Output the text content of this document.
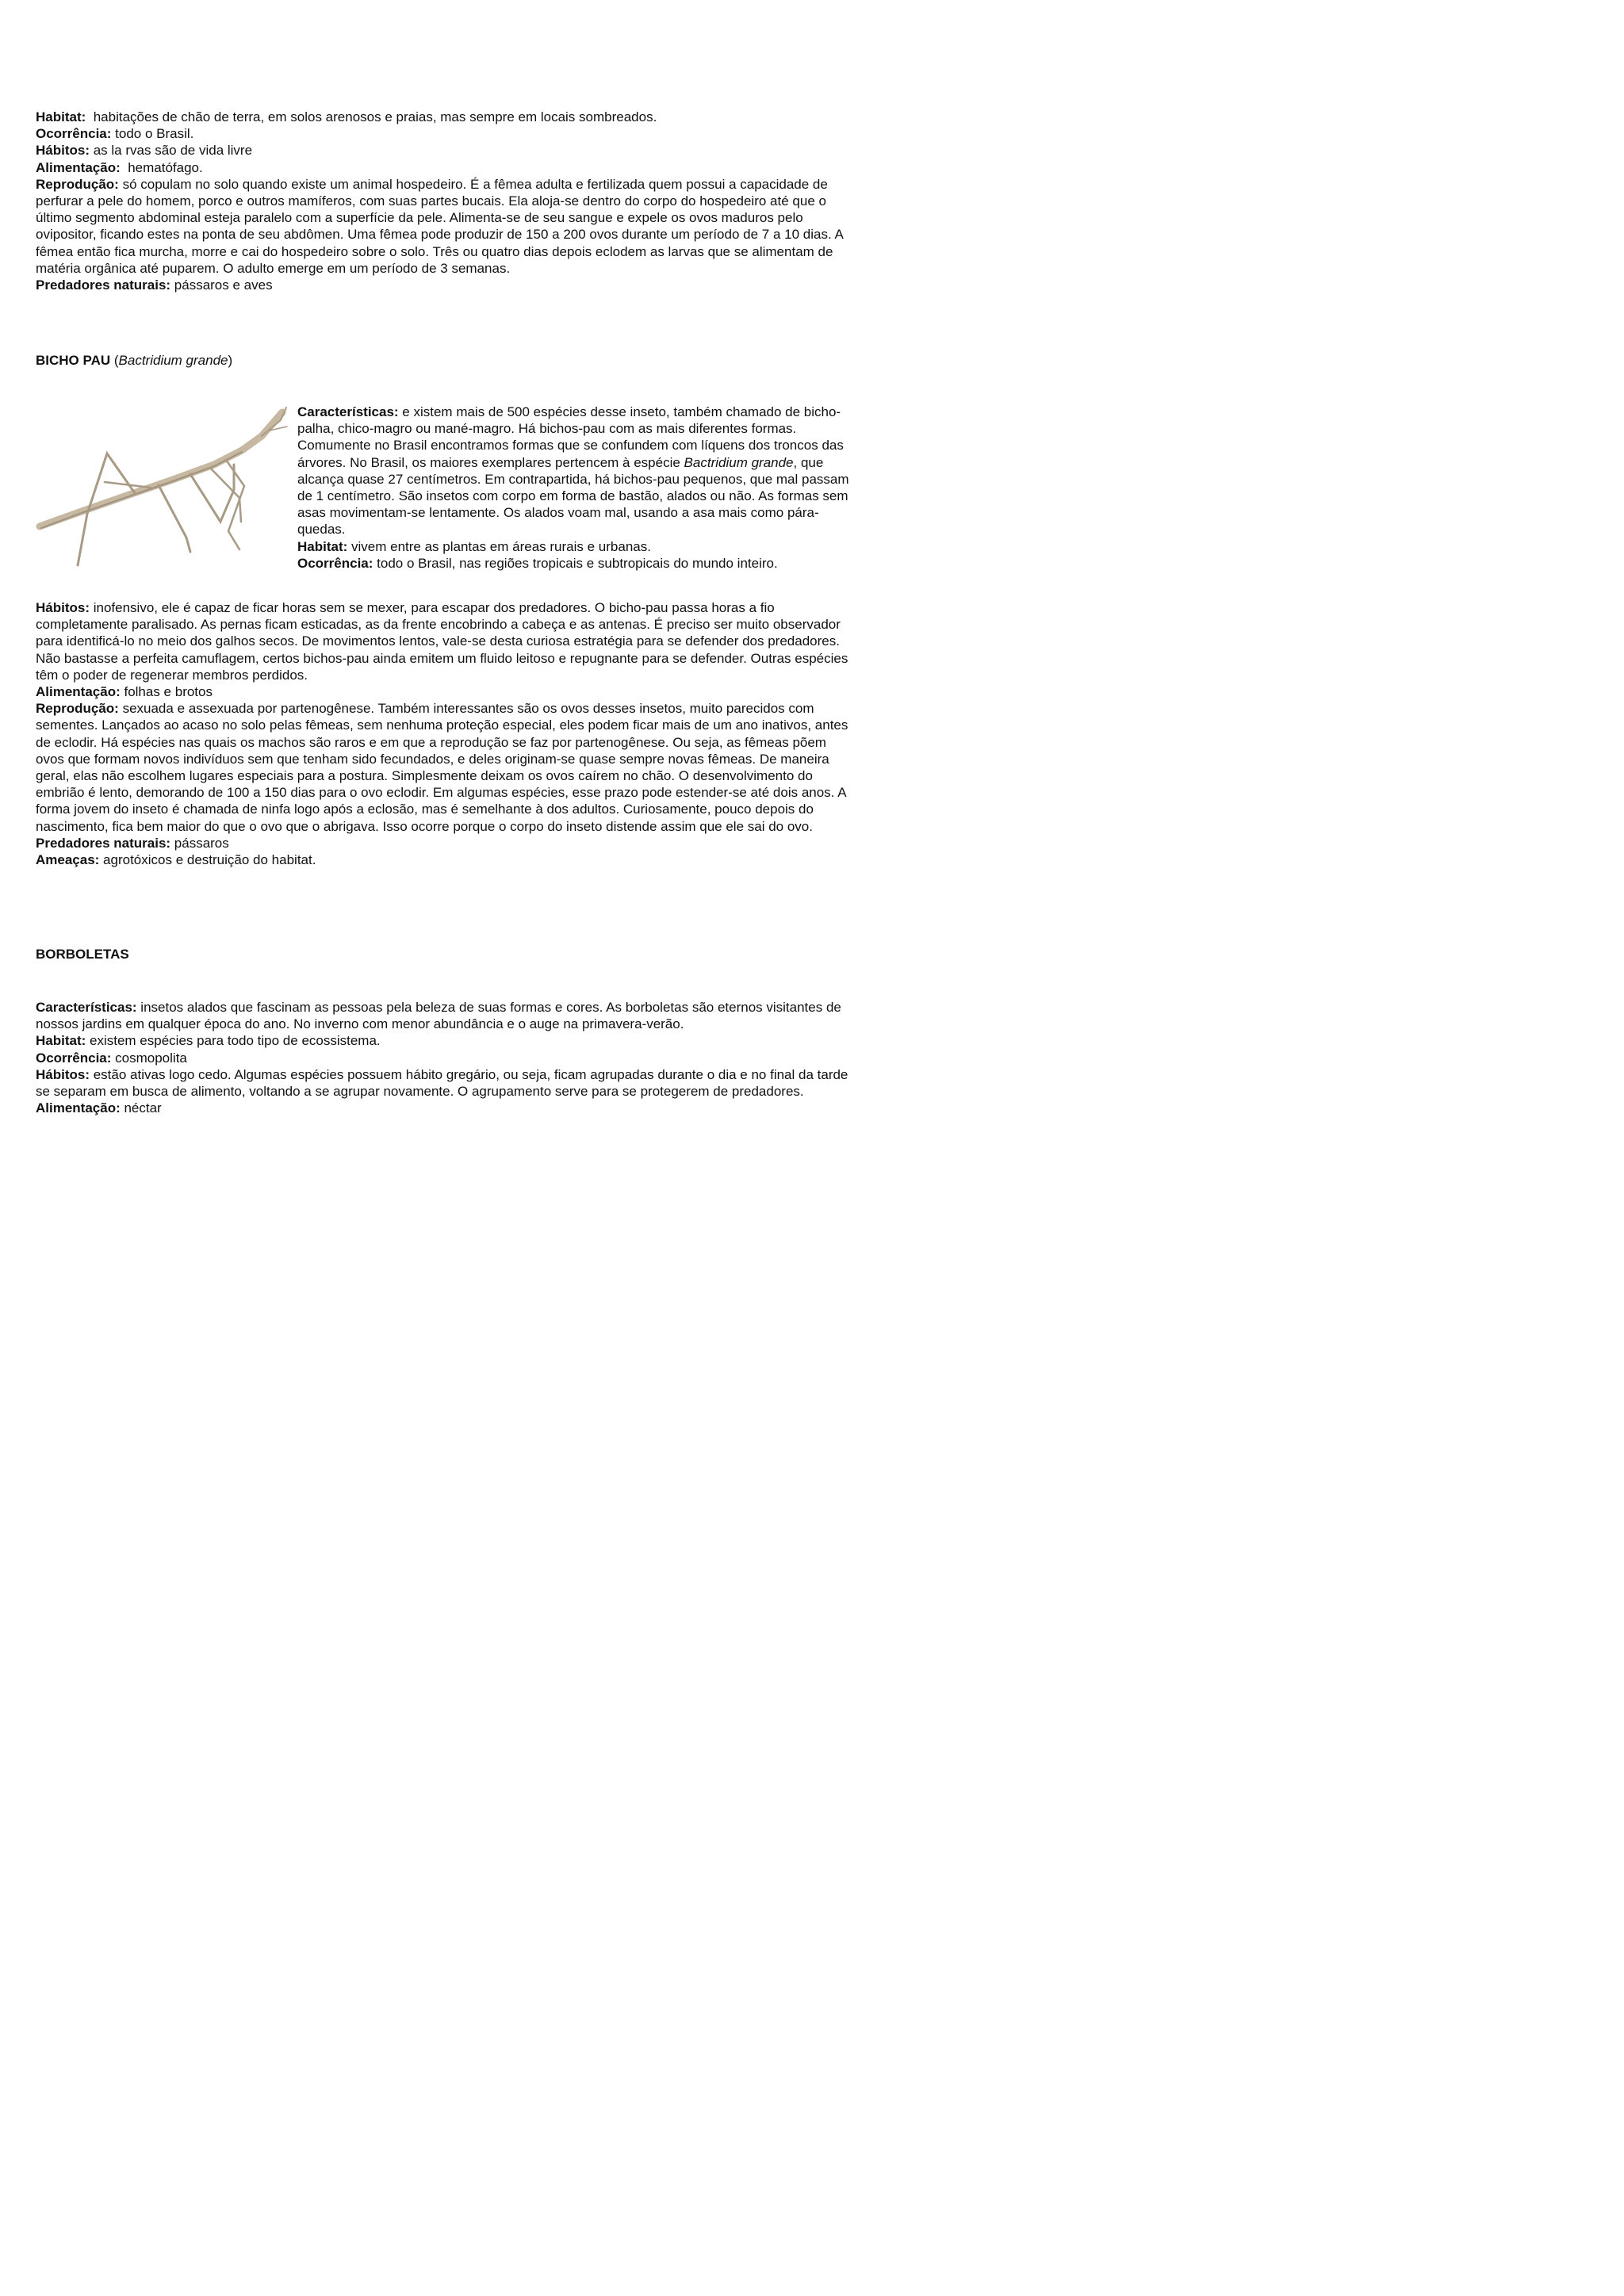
Habitat:  habitações de chão de terra, em solos arenosos e praias, mas sempre em locais sombreados.

Ocorrência: todo o Brasil.

Hábitos: as la rvas são de vida livre

Alimentação:  hematófago.

Reprodução: só copulam no solo quando existe um animal hospedeiro. É a fêmea adulta e fertilizada quem possui a capacidade de perfurar a pele do homem, porco e outros mamíferos, com suas partes bucais. Ela aloja-se dentro do corpo do hospedeiro até que o último segmento abdominal esteja paralelo com a superfície da pele. Alimenta-se de seu sangue e expele os ovos maduros pelo ovipositor, ficando estes na ponta de seu abdômen. Uma fêmea pode produzir de 150 a 200 ovos durante um período de 7 a 10 dias. A fêmea então fica murcha, morre e cai do hospedeiro sobre o solo. Três ou quatro dias depois eclodem as larvas que se alimentam de matéria orgânica até puparem. O adulto emerge em um período de 3 semanas.

Predadores naturais: pássaros e aves

BICHO PAU (Bactridium grande)

Características: e xistem mais de 500 espécies desse inseto, também chamado de bicho-palha, chico-magro ou mané-magro. Há bichos-pau com as mais diferentes formas. Comumente no Brasil encontramos formas que se confundem com líquens dos troncos das árvores. No Brasil, os maiores exemplares pertencem à espécie Bactridium grande, que alcança quase 27 centímetros. Em contrapartida, há bichos-pau pequenos, que mal passam de 1 centímetro. São insetos com corpo em forma de bastão, alados ou não. As formas sem asas movimentam-se lentamente. Os alados voam mal, usando a asa mais como pára-quedas.

Habitat: vivem entre as plantas em áreas rurais e urbanas.

Ocorrência: todo o Brasil, nas regiões tropicais e subtropicais do mundo inteiro.

Hábitos: inofensivo, ele é capaz de ficar horas sem se mexer, para escapar dos predadores. O bicho-pau passa horas a fio completamente paralisado. As pernas ficam esticadas, as da frente encobrindo a cabeça e as antenas. É preciso ser muito observador para identificá-lo no meio dos galhos secos. De movimentos lentos, vale-se desta curiosa estratégia para se defender dos predadores. Não bastasse a perfeita camuflagem, certos bichos-pau ainda emitem um fluido leitoso e repugnante para se defender. Outras espécies têm o poder de regenerar membros perdidos.

Alimentação: folhas e brotos

Reprodução: sexuada e assexuada por partenogênese. Também interessantes são os ovos desses insetos, muito parecidos com sementes. Lançados ao acaso no solo pelas fêmeas, sem nenhuma proteção especial, eles podem ficar mais de um ano inativos, antes de eclodir. Há espécies nas quais os machos são raros e em que a reprodução se faz por partenogênese. Ou seja, as fêmeas põem ovos que formam novos indivíduos sem que tenham sido fecundados, e deles originam-se quase sempre novas fêmeas. De maneira geral, elas não escolhem lugares especiais para a postura. Simplesmente deixam os ovos caírem no chão. O desenvolvimento do embrião é lento, demorando de 100 a 150 dias para o ovo eclodir. Em algumas espécies, esse prazo pode estender-se até dois anos. A forma jovem do inseto é chamada de ninfa logo após a eclosão, mas é semelhante à dos adultos. Curiosamente, pouco depois do nascimento, fica bem maior do que o ovo que o abrigava. Isso ocorre porque o corpo do inseto distende assim que ele sai do ovo.

Predadores naturais: pássaros

Ameaças: agrotóxicos e destruição do habitat.

BORBOLETAS

Características: insetos alados que fascinam as pessoas pela beleza de suas formas e cores. As borboletas são eternos visitantes de nossos jardins em qualquer época do ano. No inverno com menor abundância e o auge na primavera-verão.

Habitat: existem espécies para todo tipo de ecossistema.

Ocorrência: cosmopolita

Hábitos: estão ativas logo cedo. Algumas espécies possuem hábito gregário, ou seja, ficam agrupadas durante o dia e no final da tarde se separam em busca de alimento, voltando a se agrupar novamente. O agrupamento serve para se protegerem de predadores.

Alimentação: néctar
